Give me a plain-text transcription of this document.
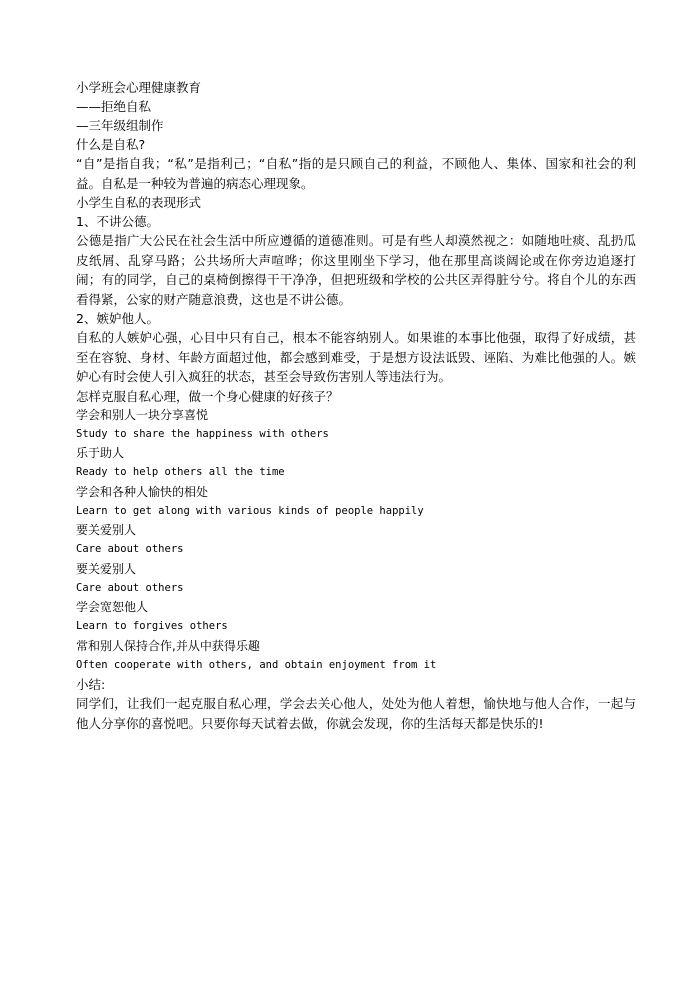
小学班会心理健康教育
——拒绝自私
—三年级组制作
什么是自私?
“自”是指自我；“私”是指利己；“自私”指的是只顾自己的利益，不顾他人、集体、国家和社会的利益。自私是一种较为普遍的病态心理现象。
小学生自私的表现形式
1、不讲公德。
公德是指广大公民在社会生活中所应遵循的道德准则。可是有些人却漠然视之：如随地吐痰、乱扔瓜皮纸屑、乱穿马路；公共场所大声喧哗；你这里刚坐下学习，他在那里高谈阔论或在你旁边追逐打闹；有的同学，自己的桌椅倒擦得干干净净，但把班级和学校的公共区弄得脏兮兮。将自个儿的东西看得紧，公家的财产随意浪费，这也是不讲公德。
2、嫉妒他人。
自私的人嫉妒心强，心目中只有自己，根本不能容纳别人。如果谁的本事比他强，取得了好成绩，甚至在容貌、身材、年龄方面超过他，都会感到难受，于是想方设法诋毁、诬陷、为难比他强的人。嫉妒心有时会使人引入疯狂的状态，甚至会导致伤害别人等违法行为。
怎样克服自私心理，做一个身心健康的好孩子？
学会和别人一块分享喜悦
Study to share the happiness with others
乐于助人
Ready to help others all the time
学会和各种人愉快的相处
Learn to get along with various kinds of people happily
要关爱别人
Care about others
要关爱别人
Care about others
学会宽恕他人
Learn to forgives others
常和别人保持合作,并从中获得乐趣
Often cooperate with others, and obtain enjoyment from it
小结:
同学们，让我们一起克服自私心理，学会去关心他人，处处为他人着想，愉快地与他人合作，一起与他人分享你的喜悦吧。只要你每天试着去做，你就会发现，你的生活每天都是快乐的!
